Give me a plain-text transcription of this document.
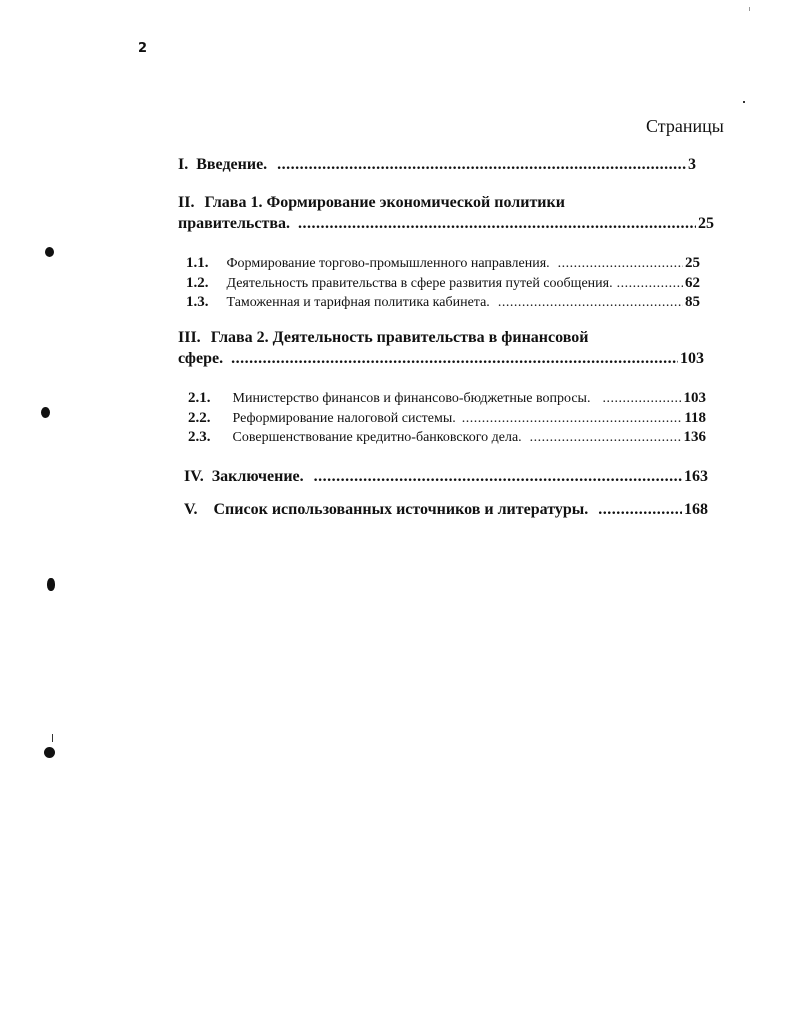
2
Страницы
I. Введение. .....	3
II. Глава 1. Формирование экономической политики
правительства. .....	25
1.1. Формирование торгово-промышленного направления. .....	25
1.2. Деятельность правительства в сфере развития путей сообщения. .....	62
1.3. Таможенная и тарифная политика кабинета. .....	85
III. Глава 2. Деятельность правительства в финансовой
сфере. .....	103
2.1. Министерство финансов и финансово-бюджетные вопросы. .....	103
2.2. Реформирование налоговой системы. .....	118
2.3. Совершенствование кредитно-банковского дела. .....	136
IV. Заключение. .....	163
V. Список использованных источников и литературы. .....	168
